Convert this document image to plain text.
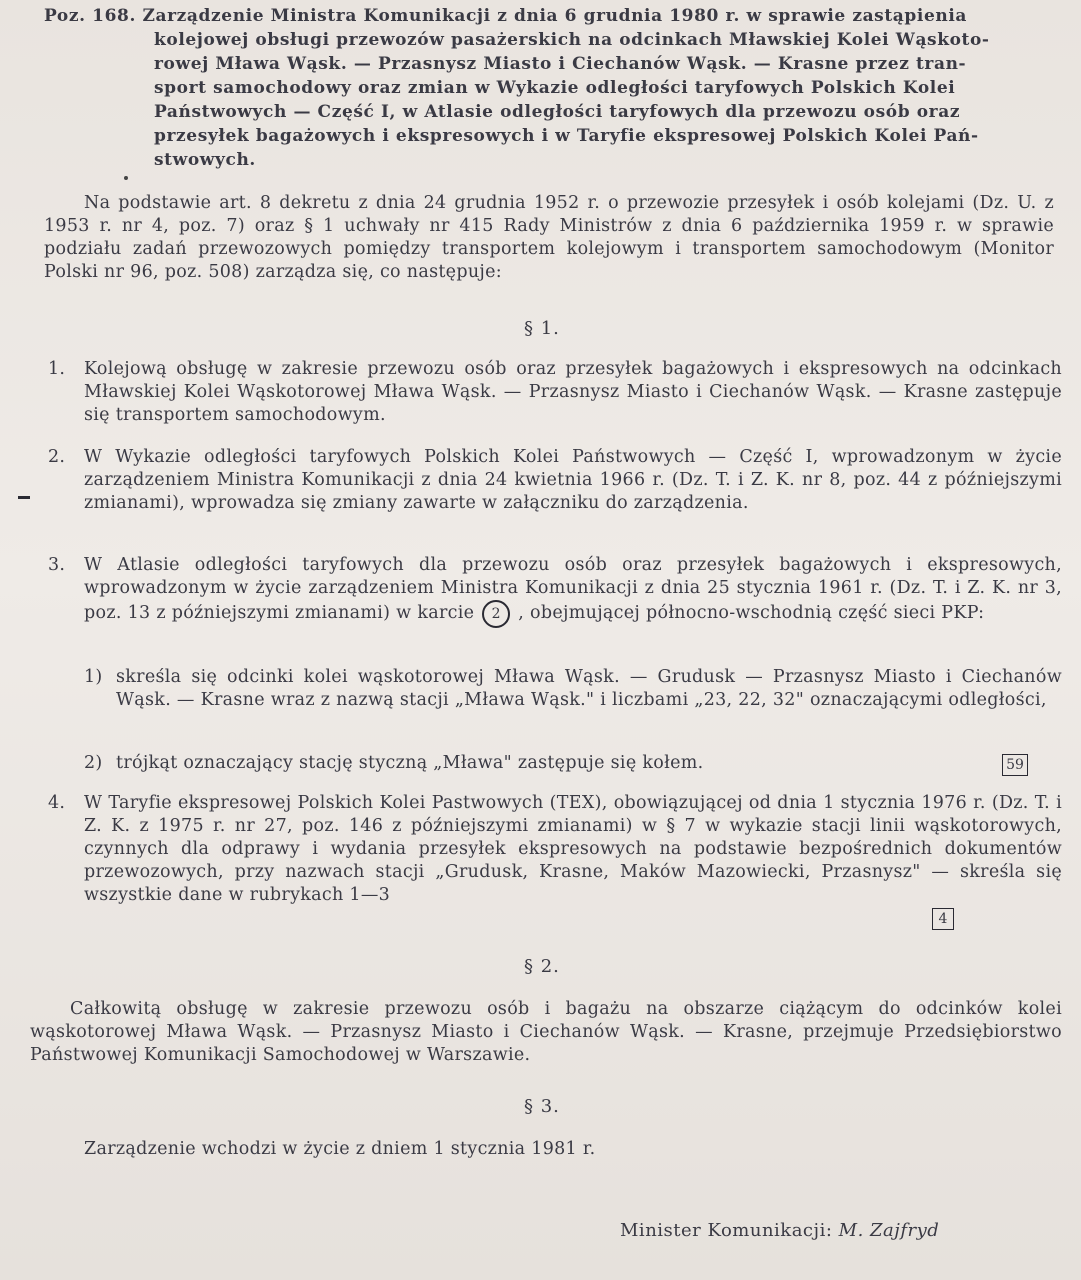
Poz. 168. Zarządzenie Ministra Komunikacji z dnia 6 grudnia 1980 r. w sprawie zastąpienia
kolejowej obsługi przewozów pasażerskich na odcinkach Mławskiej Kolei Wąskoto-
rowej Mława Wąsk. — Przasnysz Miasto i Ciechanów Wąsk. — Krasne przez tran-
sport samochodowy oraz zmian w Wykazie odległości taryfowych Polskich Kolei
Państwowych — Część I, w Atlasie odległości taryfowych dla przewozu osób oraz
przesyłek bagażowych i ekspresowych i w Taryfie ekspresowej Polskich Kolei Pań-
stwowych.
Na podstawie art. 8 dekretu z dnia 24 grudnia 1952 r. o przewozie przesyłek i osób kolejami (Dz. U. z 1953 r. nr 4, poz. 7) oraz § 1 uchwały nr 415 Rady Ministrów z dnia 6 października 1959 r. w sprawie podziału zadań przewozowych pomiędzy transportem kolejowym i transportem samochodowym (Monitor Polski nr 96, poz. 508) zarządza się, co następuje:
§ 1.
1. Kolejową obsługę w zakresie przewozu osób oraz przesyłek bagażowych i ekspresowych na odcinkach Mławskiej Kolei Wąskotorowej Mława Wąsk. — Przasnysz Miasto i Ciechanów Wąsk. — Krasne zastępuje się transportem samochodowym.
2. W Wykazie odległości taryfowych Polskich Kolei Państwowych — Część I, wprowadzonym w życie zarządzeniem Ministra Komunikacji z dnia 24 kwietnia 1966 r. (Dz. T. i Z. K. nr 8, poz. 44 z późniejszymi zmianami), wprowadza się zmiany zawarte w załączniku do zarządzenia.
3. W Atlasie odległości taryfowych dla przewozu osób oraz przesyłek bagażowych i ekspresowych, wprowadzonym w życie zarządzeniem Ministra Komunikacji z dnia 25 stycznia 1961 r. (Dz. T. i Z. K. nr 3, poz. 13 z późniejszymi zmianami) w karcie 2 , obejmującej północno-wschodnią część sieci PKP:
1) skreśla się odcinki kolei wąskotorowej Mława Wąsk. — Grudusk — Przasnysz Miasto i Ciechanów Wąsk. — Krasne wraz z nazwą stacji „Mława Wąsk." i liczbami „23, 22, 32" oznaczającymi odległości,
2) trójkąt oznaczający stację styczną „Mława" zastępuje się kołem.	59
4. W Taryfie ekspresowej Polskich Kolei Pastwowych (TEX), obowiązującej od dnia 1 stycznia 1976 r. (Dz. T. i Z. K. z 1975 r. nr 27, poz. 146 z późniejszymi zmianami) w § 7 w wykazie stacji linii wąskotorowych, czynnych dla odprawy i wydania przesyłek ekspresowych na podstawie bezpośrednich dokumentów przewozowych, przy nazwach stacji „Grudusk, Krasne, Maków Mazowiecki, Przasnysz" — skreśla się wszystkie dane w rubrykach 1—3
4
§ 2.
Całkowitą obsługę w zakresie przewozu osób i bagażu na obszarze ciążącym do odcinków kolei wąskotorowej Mława Wąsk. — Przasnysz Miasto i Ciechanów Wąsk. — Krasne, przejmuje Przedsiębiorstwo Państwowej Komunikacji Samochodowej w Warszawie.
§ 3.
Zarządzenie wchodzi w życie z dniem 1 stycznia 1981 r.
Minister Komunikacji: M. Zajfryd
